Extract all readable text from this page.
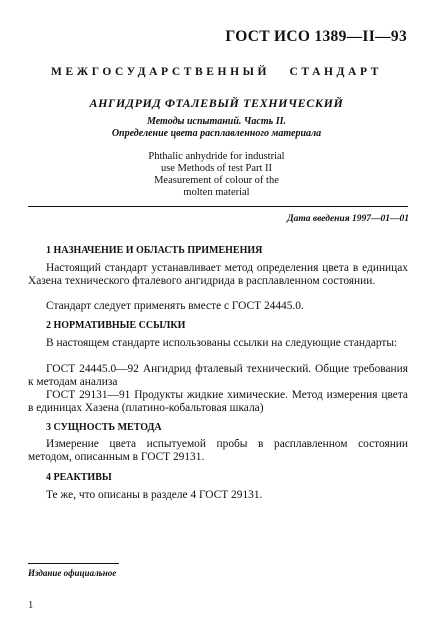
ГОСТ ИСО 1389—II—93
МЕЖГОСУДАРСТВЕННЫЙ   СТАНДАРТ
АНГИДРИД ФТАЛЕВЫЙ ТЕХНИЧЕСКИЙ
Методы испытаний. Часть II.
Определение цвета расплавленного материала
Phthalic anhydride for industrial
use Methods of test Part II
Measurement of colour of the
molten material
Дата введения 1997—01—01
1 НАЗНАЧЕНИЕ И ОБЛАСТЬ ПРИМЕНЕНИЯ
Настоящий стандарт устанавливает метод определения цвета в единицах Хазена технического фталевого ангидрида в расплавленном состоянии.
Стандарт следует применять вместе с ГОСТ 24445.0.
2 НОРМАТИВНЫЕ ССЫЛКИ
В настоящем стандарте использованы ссылки на следующие стандарты:
ГОСТ 24445.0—92 Ангидрид фталевый технический. Общие требования к методам анализа
ГОСТ 29131—91 Продукты жидкие химические. Метод измерения цвета в единицах Хазена (платино-кобальтовая шкала)
3 СУЩНОСТЬ МЕТОДА
Измерение цвета испытуемой пробы в расплавленном состоянии методом, описанным в ГОСТ 29131.
4 РЕАКТИВЫ
Те же, что описаны в разделе 4 ГОСТ 29131.
Издание официальное
1
